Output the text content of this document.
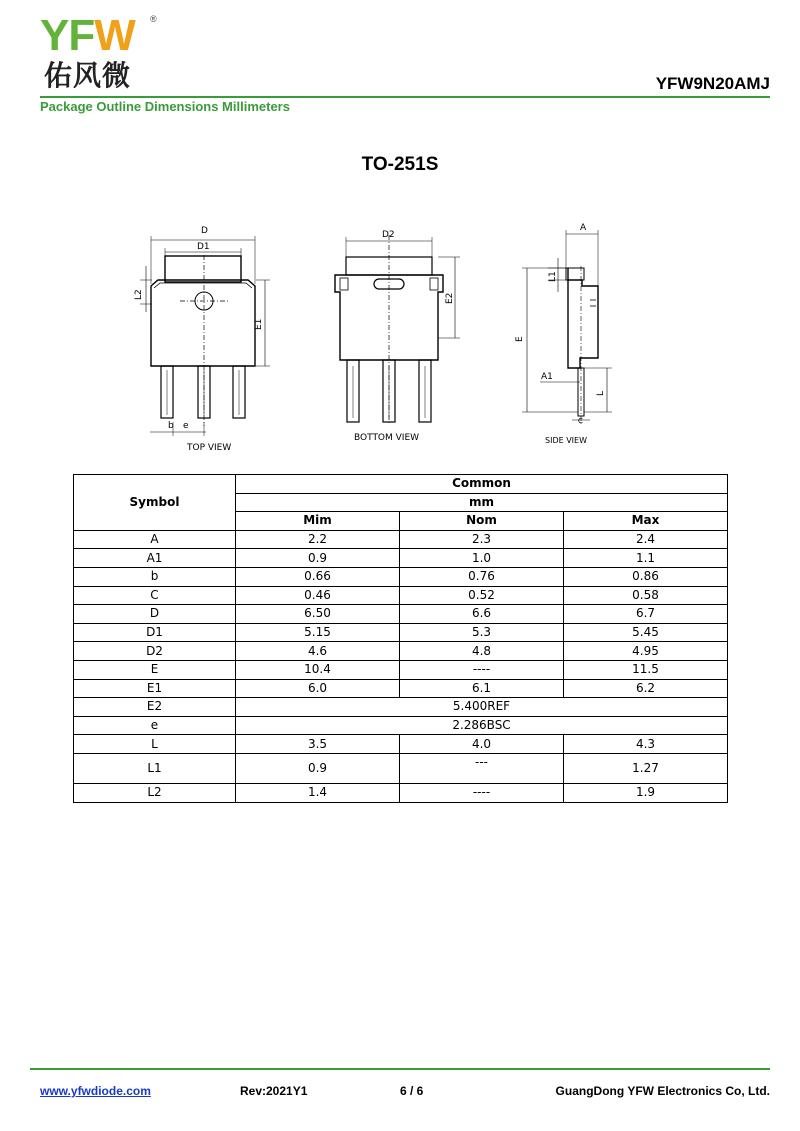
YFW ®
佑风微	YFW9N20AMJ
Package Outline Dimensions Millimeters
TO-251S
D
D1
L2
E1
b e
TOP VIEW
D2
E2
BOTTOM VIEW
A
L1
E
A1
L
C
SIDE VIEW
Symbol	Common		
	mm		
	Mim	Nom	Max
A	2.2	2.3	2.4
A1	0.9	1.0	1.1
b	0.66	0.76	0.86
C	0.46	0.52	0.58
D	6.50	6.6	6.7
D1	5.15	5.3	5.45
D2	4.6	4.8	4.95
E	10.4	----	11.5
E1	6.0	6.1	6.2
E2	5.400REF		
e	2.286BSC		
L	3.5	4.0	4.3
L1	0.9	---	1.27
L2	1.4	----	1.9
www.yfwdiode.com	Rev:2021Y1	6 / 6	GuangDong YFW Electronics Co, Ltd.
